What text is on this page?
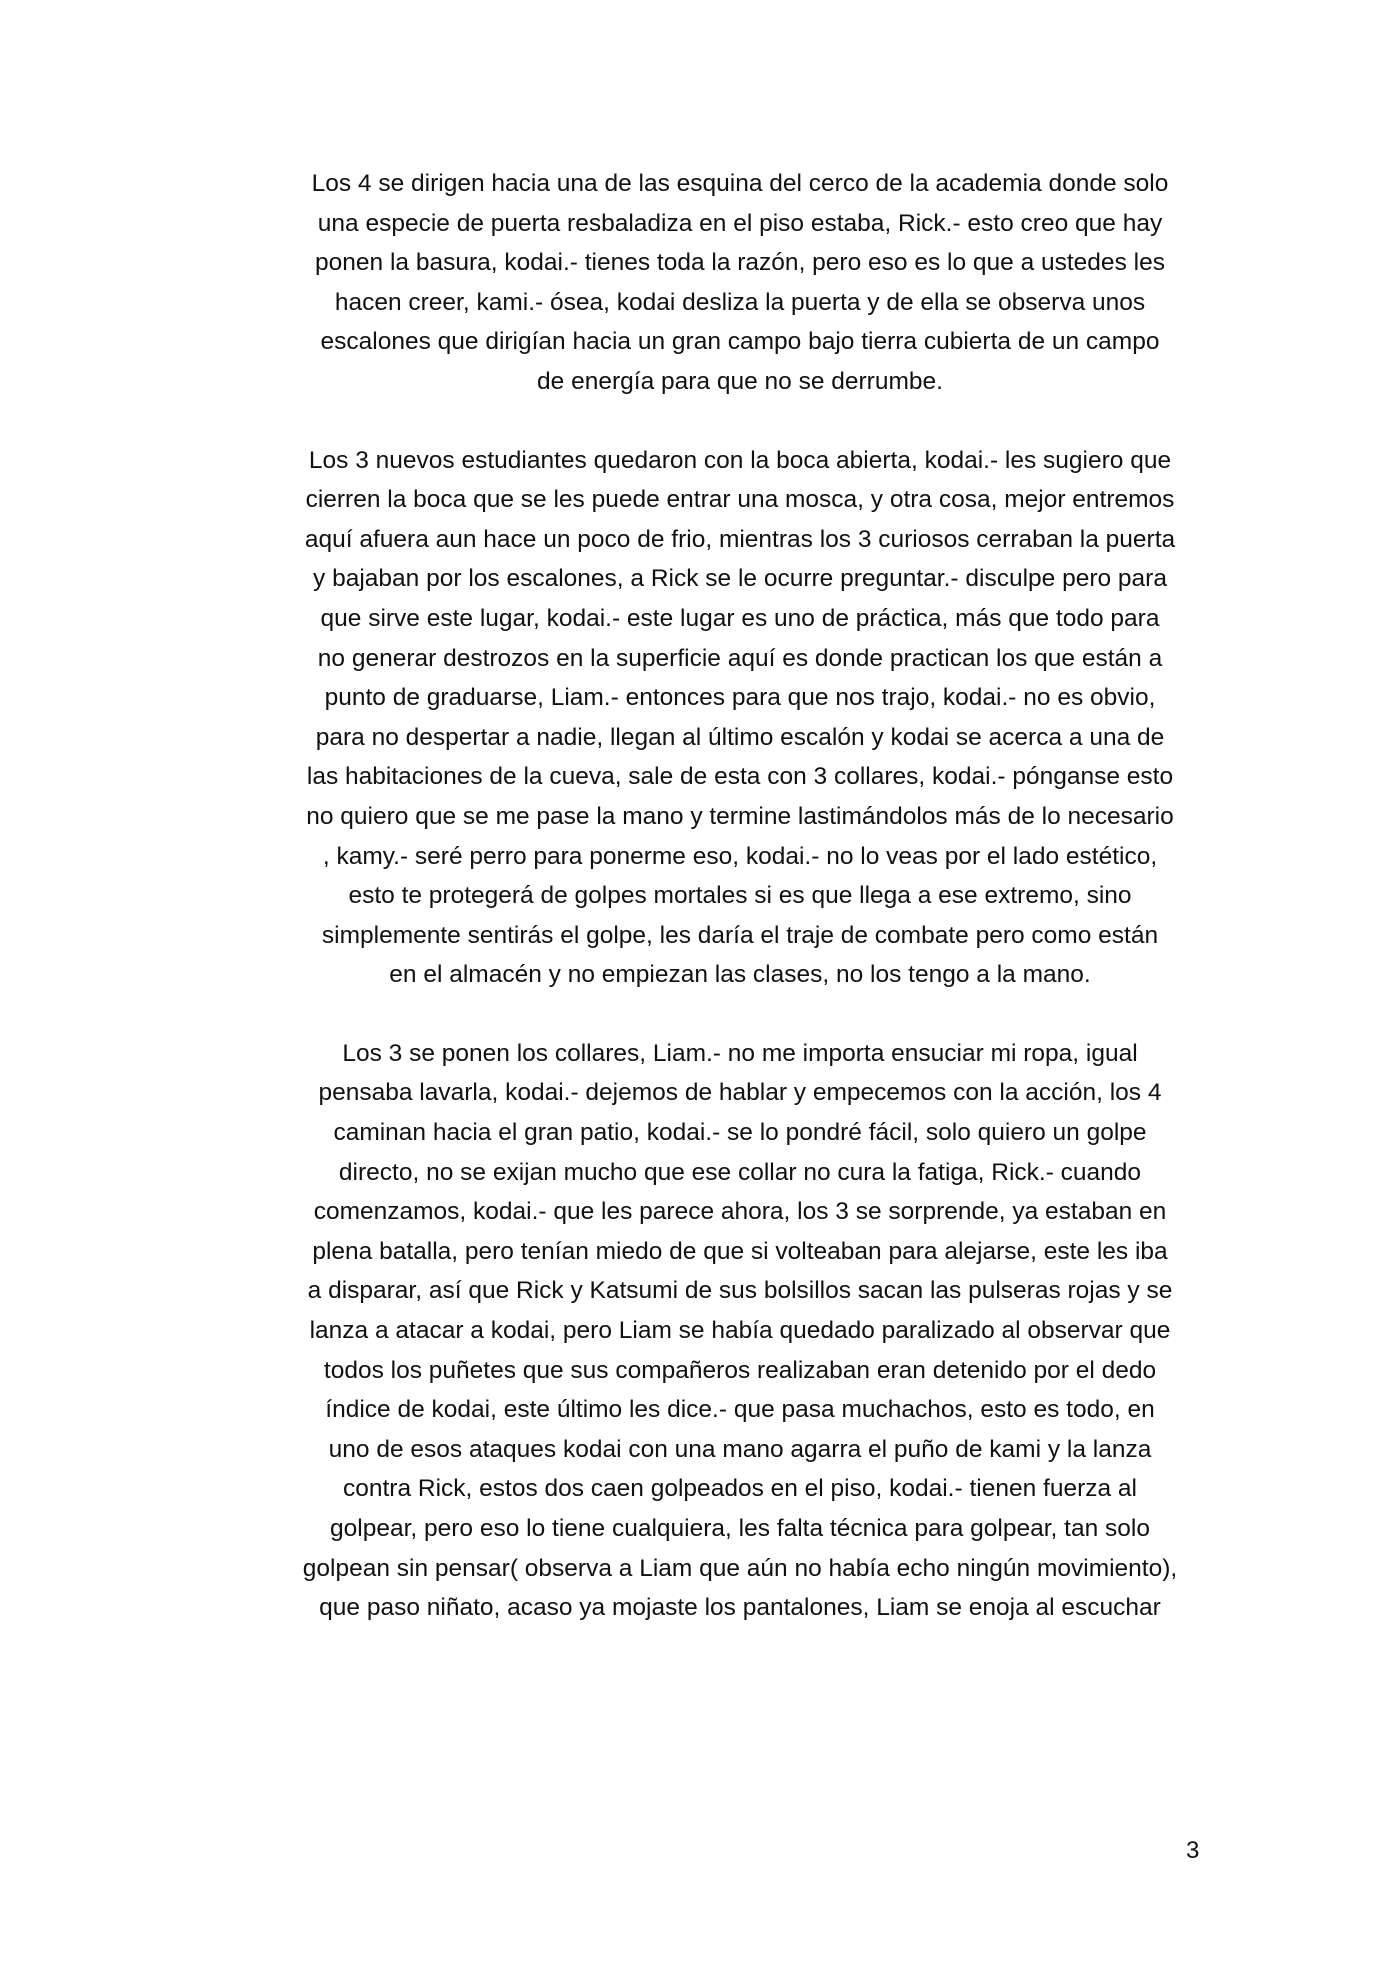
Los 4 se dirigen hacia una de las esquina del cerco de la academia donde solo
una especie de puerta resbaladiza en el piso estaba, Rick.- esto creo que hay
ponen la basura, kodai.- tienes toda la razón, pero eso es lo que a ustedes les
hacen creer, kami.- ósea, kodai desliza la puerta y de ella se observa unos
escalones que dirigían hacia un gran campo bajo tierra cubierta de un campo
de energía para que no se derrumbe.
Los 3 nuevos estudiantes quedaron con la boca abierta, kodai.- les sugiero que
cierren la boca que se les puede entrar una mosca, y otra cosa, mejor entremos
aquí afuera aun hace un poco de frio, mientras los 3 curiosos cerraban la puerta
y bajaban por los escalones, a Rick se le ocurre preguntar.- disculpe pero para
que sirve este lugar, kodai.- este lugar es uno de práctica, más que todo para
no generar destrozos en la superficie aquí es donde practican los que están a
punto de graduarse, Liam.- entonces para que nos trajo, kodai.- no es obvio,
para no despertar a nadie, llegan al último escalón y kodai se acerca a una de
las habitaciones de la cueva, sale de esta con 3 collares, kodai.- pónganse esto
no quiero que se me pase la mano y termine lastimándolos más de lo necesario
, kamy.- seré perro para ponerme eso, kodai.- no lo veas por el lado estético,
esto te protegerá de golpes mortales si es que llega a ese extremo, sino
simplemente sentirás el golpe, les daría el traje de combate pero como están
en el almacén y no empiezan las clases, no los tengo a la mano.
Los 3 se ponen los collares, Liam.- no me importa ensuciar mi ropa, igual
pensaba lavarla, kodai.- dejemos de hablar y empecemos con la acción, los 4
caminan hacia el gran patio, kodai.- se lo pondré fácil, solo quiero un golpe
directo, no se exijan mucho que ese collar no cura la fatiga, Rick.- cuando
comenzamos, kodai.- que les parece ahora, los 3 se sorprende, ya estaban en
plena batalla, pero tenían miedo de que si volteaban para alejarse, este les iba
a disparar, así que Rick y Katsumi de sus bolsillos sacan las pulseras rojas y se
lanza a atacar a kodai, pero Liam se había quedado paralizado al observar que
todos los puñetes que sus compañeros realizaban eran detenido por el dedo
índice de kodai, este último les dice.- que pasa muchachos, esto es todo, en
uno de esos ataques kodai con una mano agarra el puño de kami y la lanza
contra Rick, estos dos caen golpeados en el piso, kodai.- tienen fuerza al
golpear, pero eso lo tiene cualquiera, les falta técnica para golpear, tan solo
golpean sin pensar( observa a Liam que aún no había echo ningún movimiento),
que paso niñato, acaso ya mojaste los pantalones, Liam se enoja al escuchar
3
